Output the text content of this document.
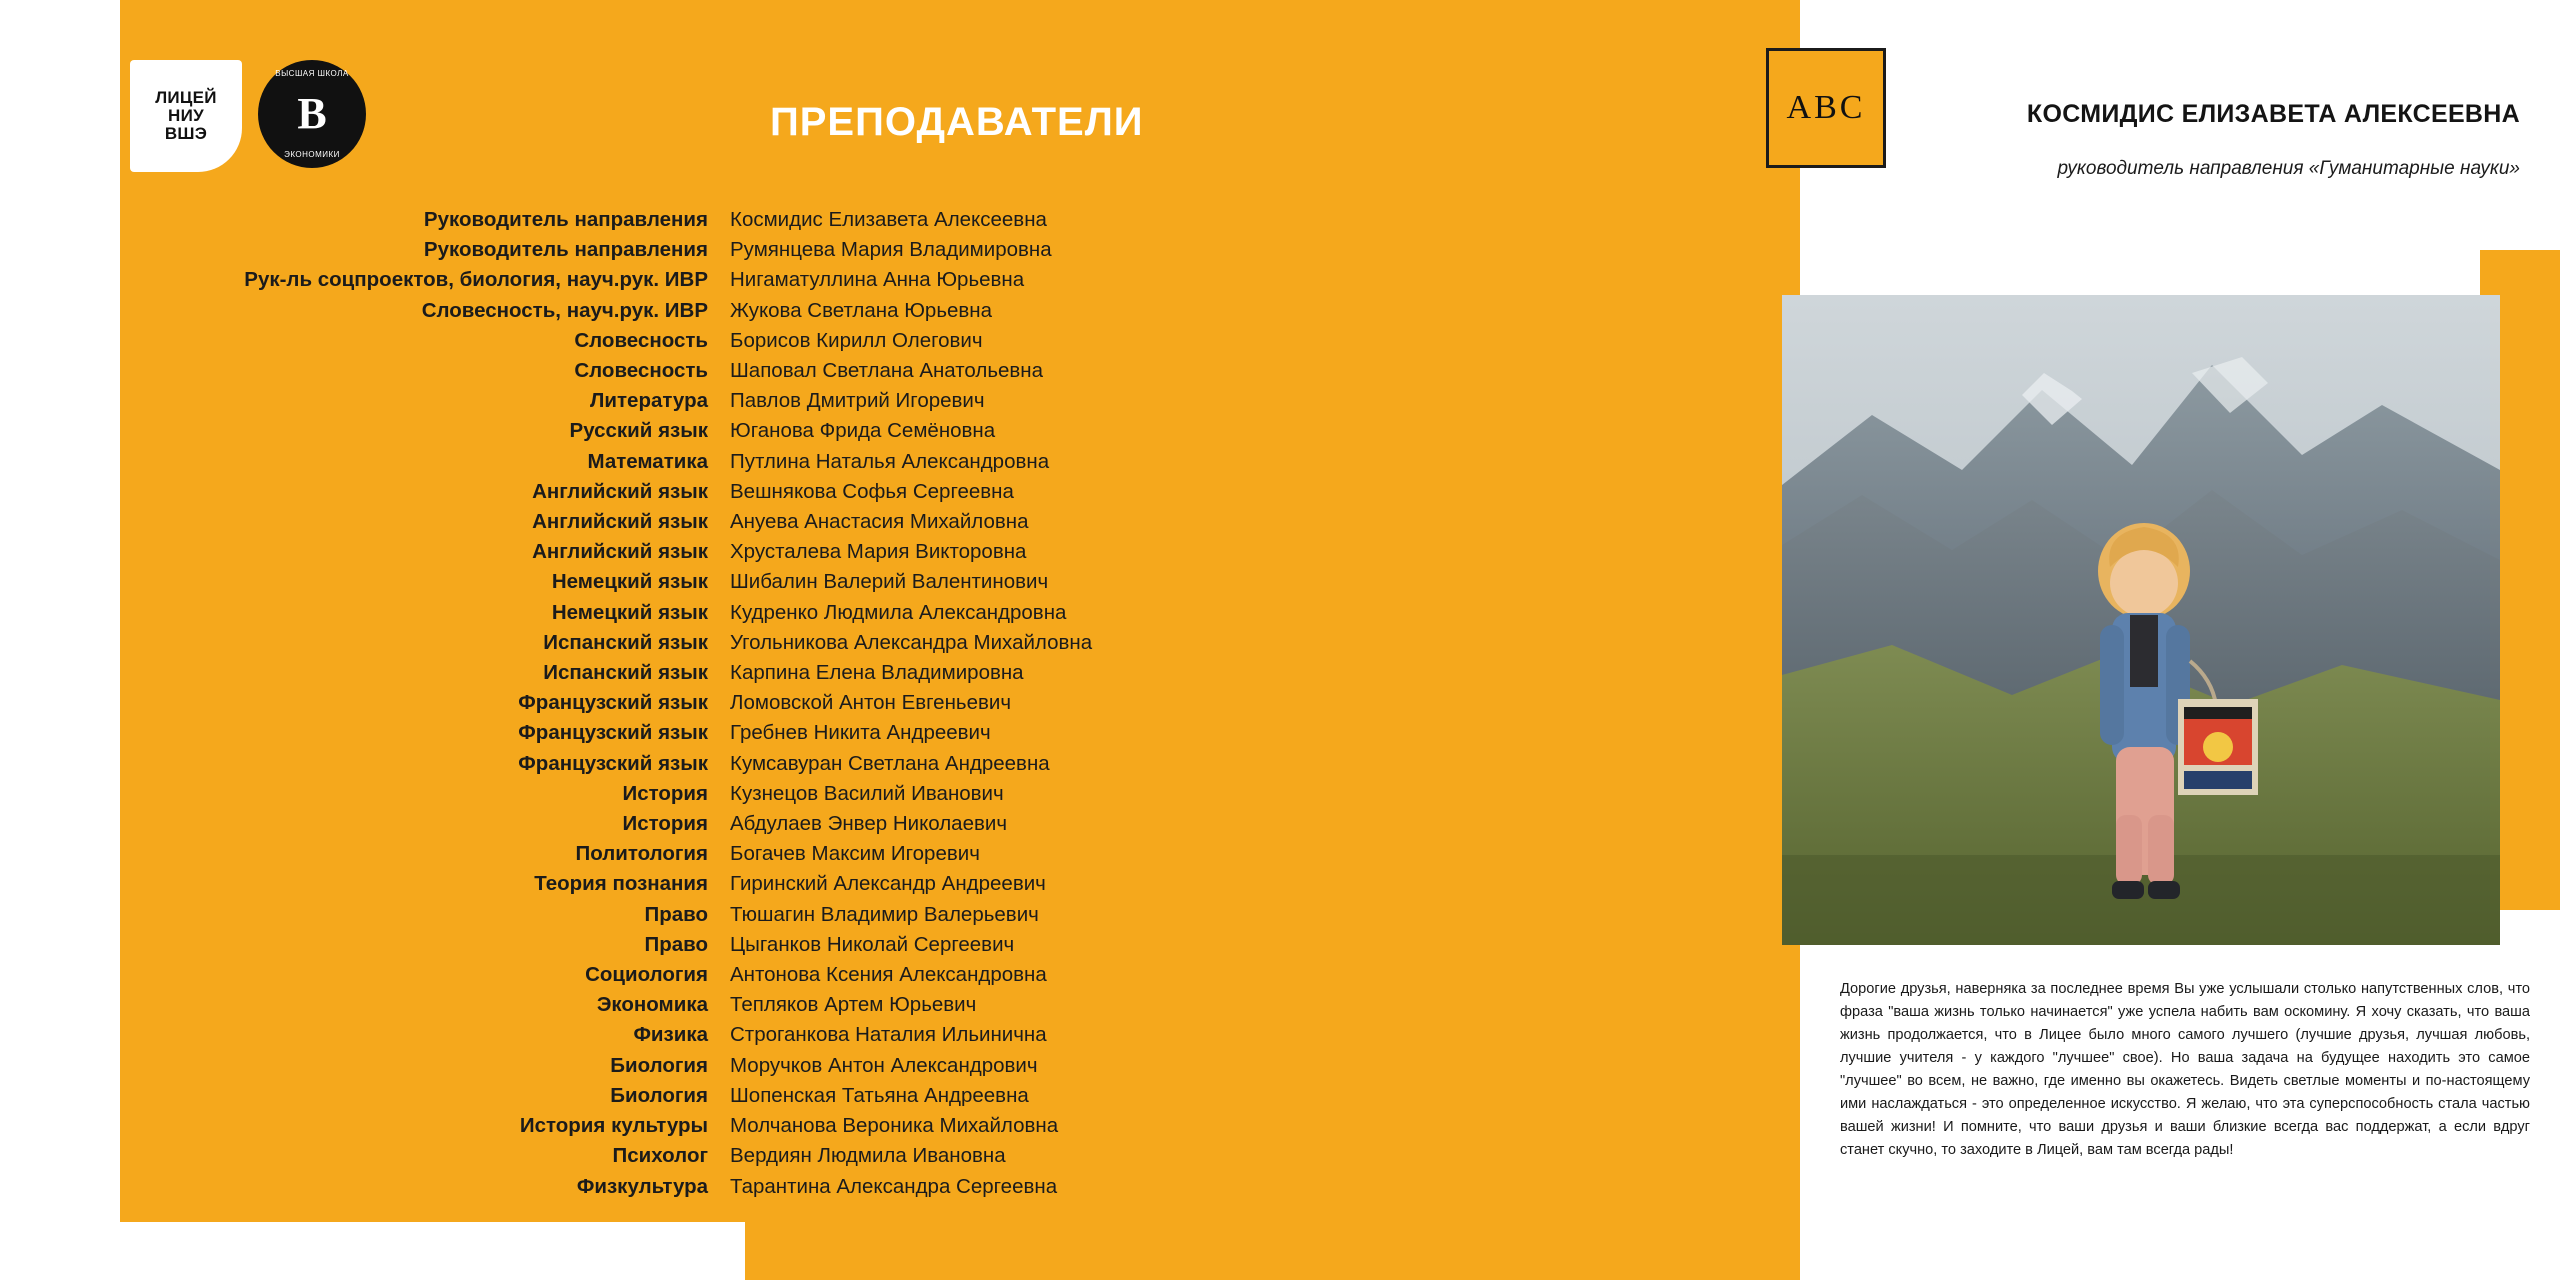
ЛИЦЕЙ
НИУ
ВШЭ
ВЫСШАЯ ШКОЛА
ЭКОНОМИКИ
В	ПРЕПОДАВАТЕЛИ
Руководитель направления
Руководитель направления
Рук-ль соцпроектов, биология, науч.рук. ИВР
Словесность, науч.рук. ИВР
Словесность
Словесность
Литература
Русский язык
Математика
Английский язык
Английский язык
Английский язык
Немецкий язык
Немецкий язык
Испанский язык
Испанский язык
Французский язык
Французский язык
Французский язык
История
История
Политология
Теория познания
Право
Право
Социология
Экономика
Физика
Биология
Биология
История культуры
Психолог
Физкультура
Космидис Елизавета Алексеевна
Румянцева Мария Владимировна
Нигаматуллина Анна Юрьевна
Жукова Светлана Юрьевна
Борисов Кирилл Олегович
Шаповал Светлана Анатольевна
Павлов Дмитрий Игоревич
Юганова Фрида Семёновна
Путлина Наталья Александровна
Вешнякова Софья Сергеевна
Ануева Анастасия Михайловна
Хрусталева Мария Викторовна
Шибалин Валерий Валентинович
Кудренко Людмила Александровна
Угольникова Александра Михайловна
Карпина Елена Владимировна
Ломовской Антон Евгеньевич
Гребнев Никита Андреевич
Кумсавуран Светлана Андреевна
Кузнецов Василий Иванович
Абдулаев Энвер Николаевич
Богачев Максим Игоревич
Гиринский Александр Андреевич
Тюшагин Владимир Валерьевич
Цыганков Николай Сергеевич
Антонова Ксения Александровна
Тепляков Артем Юрьевич
Строганкова Наталия Ильинична
Моручков Антон Александрович
Шопенская Татьяна Андреевна
Молчанова Вероника Михайловна
Вердиян Людмила Ивановна
Тарантина Александра Сергеевна
ABC	КОСМИДИС ЕЛИЗАВЕТА АЛЕКСЕЕВНА
руководитель направления «Гуманитарные науки»
Дорогие друзья, наверняка за последнее время Вы уже услышали столько напутственных слов, что фраза "ваша жизнь только начинается" уже успела набить вам оскомину. Я хочу сказать, что ваша жизнь продолжается, что в Лицее было много самого лучшего (лучшие друзья, лучшая любовь, лучшие учителя - у каждого "лучшее" свое). Но ваша задача на будущее находить это самое "лучшее" во всем, не важно, где именно вы окажетесь. Видеть светлые моменты и по-настоящему ими наслаждаться - это определенное искусство. Я желаю, что эта суперспособность стала частью вашей жизни! И помните, что ваши друзья и ваши близкие всегда вас поддержат, а если вдруг станет скучно, то заходите в Лицей, вам там всегда рады!
